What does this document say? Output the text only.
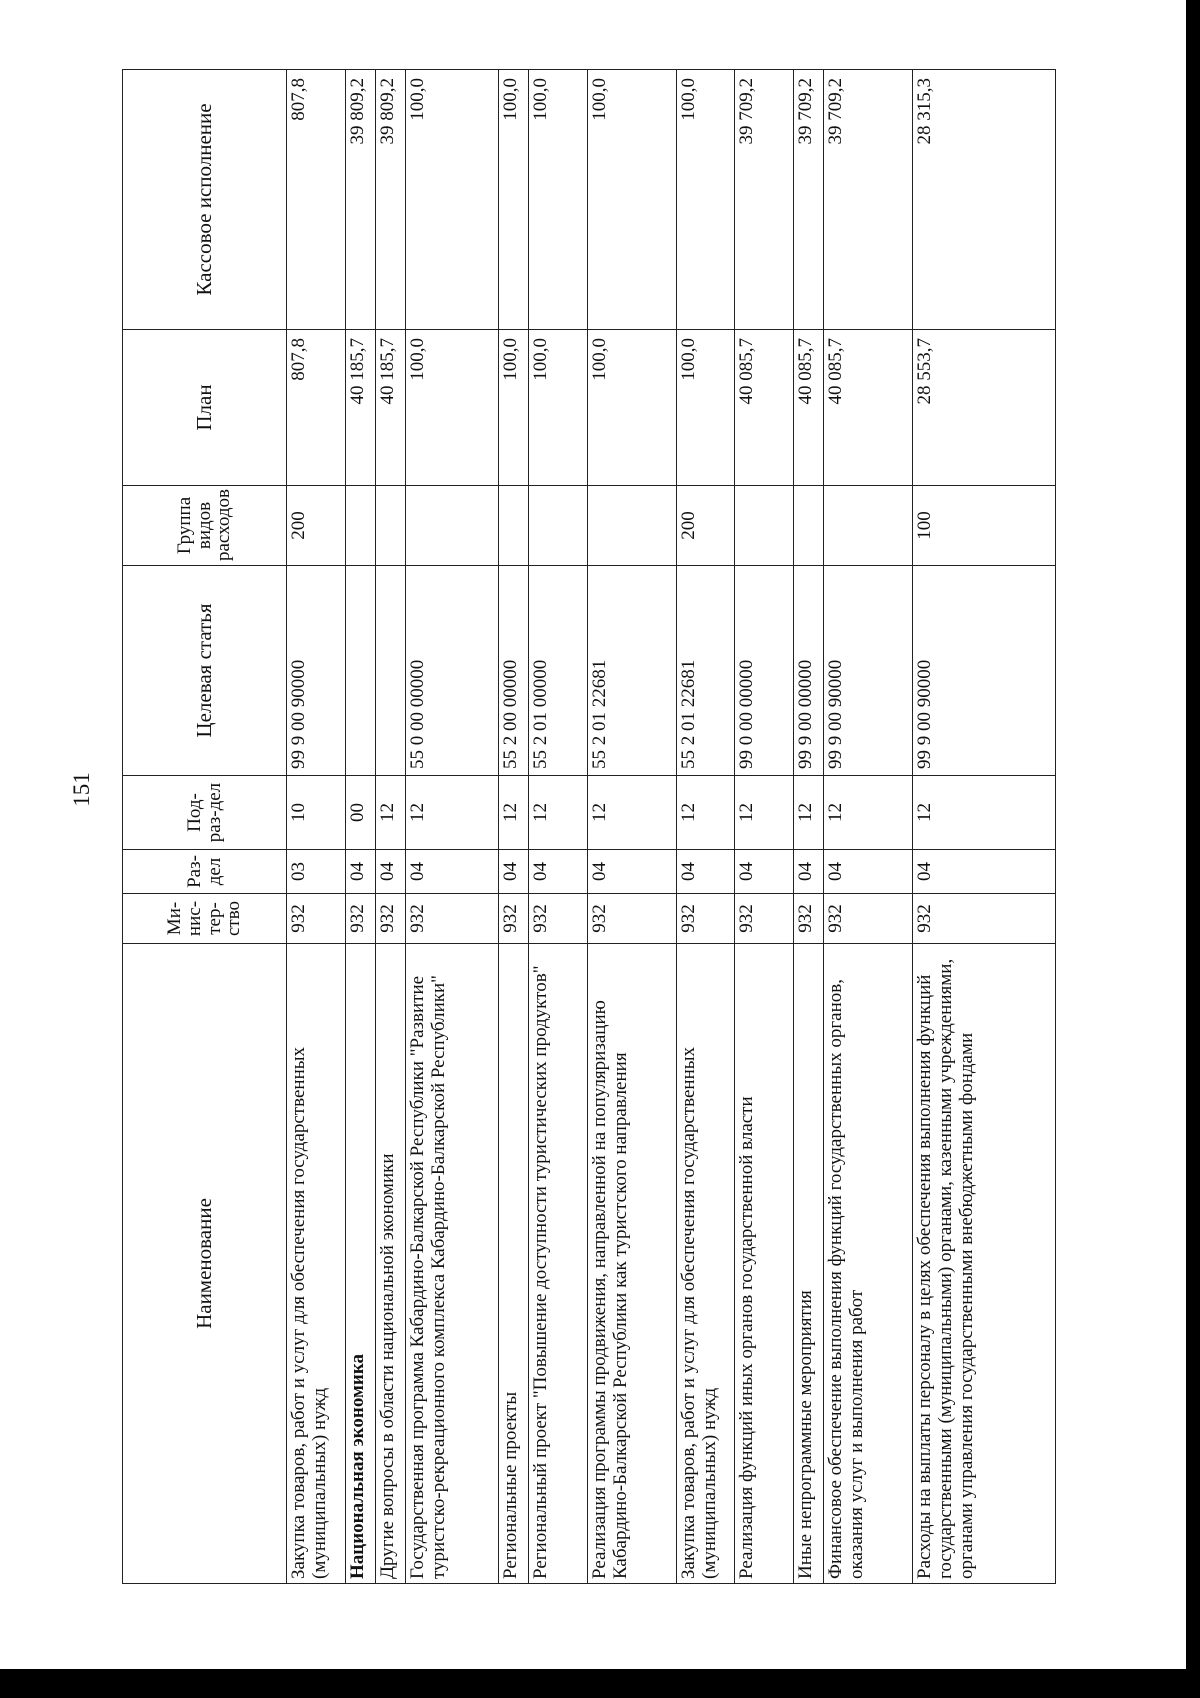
151
Наименование	Ми-нис-тер-ство	Раз-дел	Под-раз-дел	Целевая статья	Группа видов расходов	План	Кассовое исполнение
Закупка товаров, работ и услуг для обеспечения государственных (муниципальных) нужд	932	03	10	99 9 00 90000	200	807,8	807,8
Национальная экономика	932	04	00			40 185,7	39 809,2
Другие вопросы в области национальной экономики	932	04	12			40 185,7	39 809,2
Государственная программа Кабардино-Балкарской Республики "Развитие туристско-рекреационного комплекса Кабардино-Балкарской Республики"	932	04	12	55 0 00 00000		100,0	100,0
Региональные проекты	932	04	12	55 2 00 00000		100,0	100,0
Региональный проект "Повышение доступности туристических продуктов"	932	04	12	55 2 01 00000		100,0	100,0
Реализация программы продвижения, направленной на популяризацию Кабардино-Балкарской Республики как туристского направления	932	04	12	55 2 01 22681		100,0	100,0
Закупка товаров, работ и услуг для обеспечения государственных (муниципальных) нужд	932	04	12	55 2 01 22681	200	100,0	100,0
Реализация функций иных органов государственной власти	932	04	12	99 0 00 00000		40 085,7	39 709,2
Иные непрограммные мероприятия	932	04	12	99 9 00 00000		40 085,7	39 709,2
Финансовое обеспечение выполнения функций государственных органов, оказания услуг и выполнения работ	932	04	12	99 9 00 90000		40 085,7	39 709,2
Расходы на выплаты персоналу в целях обеспечения выполнения функций государственными (муниципальными) органами, казенными учреждениями, органами управления государственными внебюджетными фондами	932	04	12	99 9 00 90000	100	28 553,7	28 315,3
